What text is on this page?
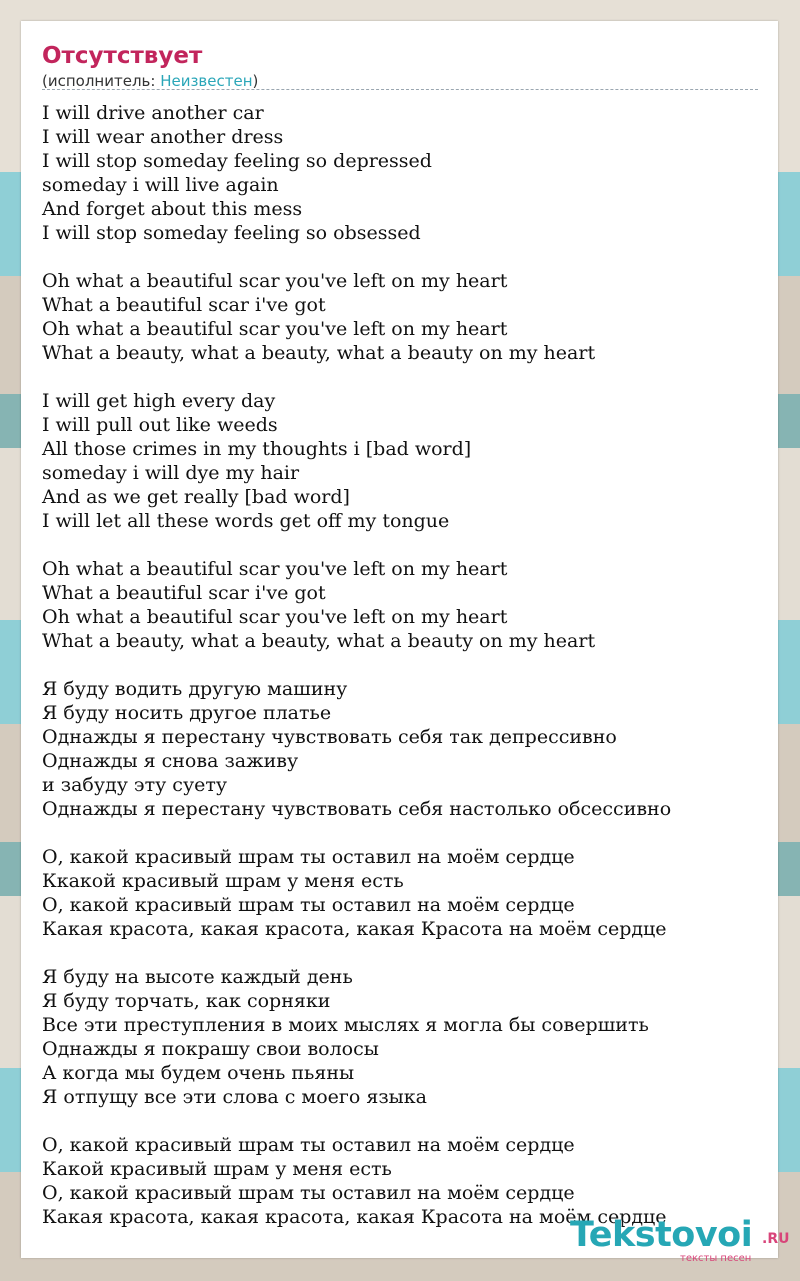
Отсутствует
(исполнитель: Неизвестен)
I will drive another car
I will wear another dress
I will stop someday feeling so depressed
someday i will live again
And forget about this mess
I will stop someday feeling so obsessed
Oh what a beautiful scar you've left on my heart
What a beautiful scar i've got
Oh what a beautiful scar you've left on my heart
What a beauty, what a beauty, what a beauty on my heart
I will get high every day
I will pull out like weeds
All those crimes in my thoughts i [bad word]
someday i will dye my hair
And as we get really [bad word]
I will let all these words get off my tongue
Oh what a beautiful scar you've left on my heart
What a beautiful scar i've got
Oh what a beautiful scar you've left on my heart
What a beauty, what a beauty, what a beauty on my heart
Я буду водить другую машину
Я буду носить другое платье
Однажды я перестану чувствовать себя так депрессивно
Однажды я снова заживу
и забуду эту суету
Однажды я перестану чувствовать себя настолько обсессивно
О, какой красивый шрам ты оставил на моём сердце
Ккакой красивый шрам у меня есть
О, какой красивый шрам ты оставил на моём сердце
Какая красота, какая красота, какая Красота на моём сердце
Я буду на высоте каждый день
Я буду торчать, как сорняки
Все эти преступления в моих мыслях я могла бы совершить
Однажды я покрашу свои волосы
А когда мы будем очень пьяны
Я отпущу все эти слова с моего языка
О, какой красивый шрам ты оставил на моём сердце
Какой красивый шрам у меня есть
О, какой красивый шрам ты оставил на моём сердце
Какая красота, какая красота, какая Красота на моём сердце
Tekstovoi .RU
тексты песен
